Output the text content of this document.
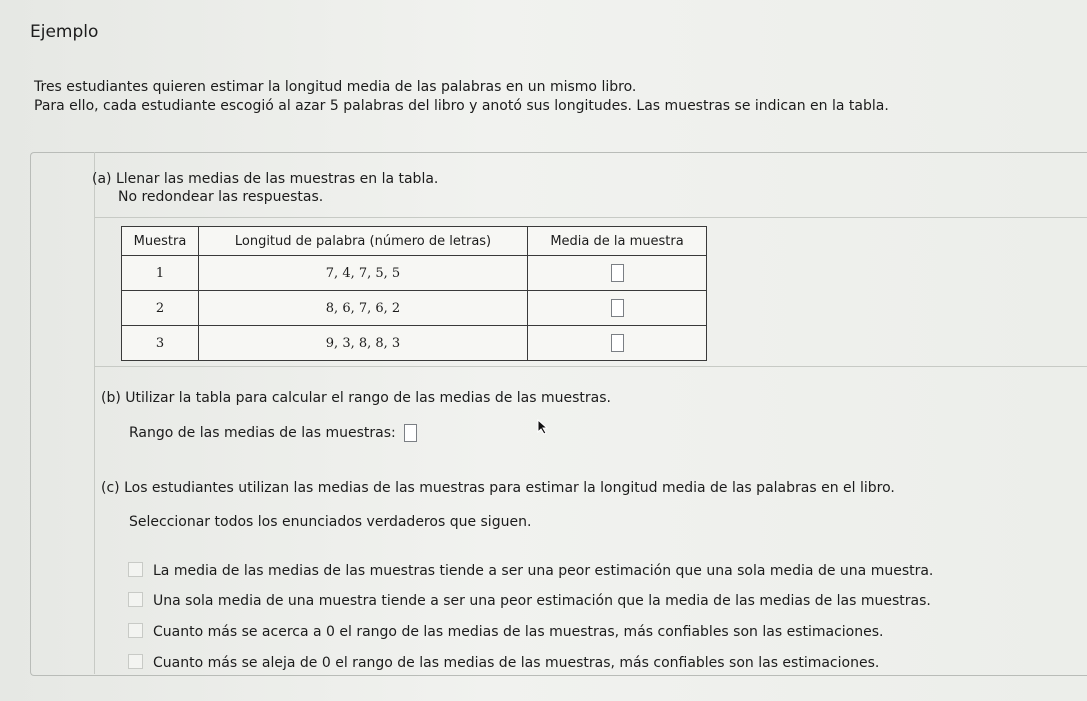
Ejemplo
Tres estudiantes quieren estimar la longitud media de las palabras en un mismo libro.
Para ello, cada estudiante escogió al azar 5 palabras del libro y anotó sus longitudes. Las muestras se indican en la tabla.
(a) Llenar las medias de las muestras en la tabla.
No redondear las respuestas.
Muestra	Longitud de palabra (número de letras)	Media de la muestra
1	7, 4, 7, 5, 5	
2	8, 6, 7, 6, 2	
3	9, 3, 8, 8, 3	
(b) Utilizar la tabla para calcular el rango de las medias de las muestras.
Rango de las medias de las muestras:
(c) Los estudiantes utilizan las medias de las muestras para estimar la longitud media de las palabras en el libro.
Seleccionar todos los enunciados verdaderos que siguen.
La media de las medias de las muestras tiende a ser una peor estimación que una sola media de una muestra.
Una sola media de una muestra tiende a ser una peor estimación que la media de las medias de las muestras.
Cuanto más se acerca a 0 el rango de las medias de las muestras, más confiables son las estimaciones.
Cuanto más se aleja de 0 el rango de las medias de las muestras, más confiables son las estimaciones.
